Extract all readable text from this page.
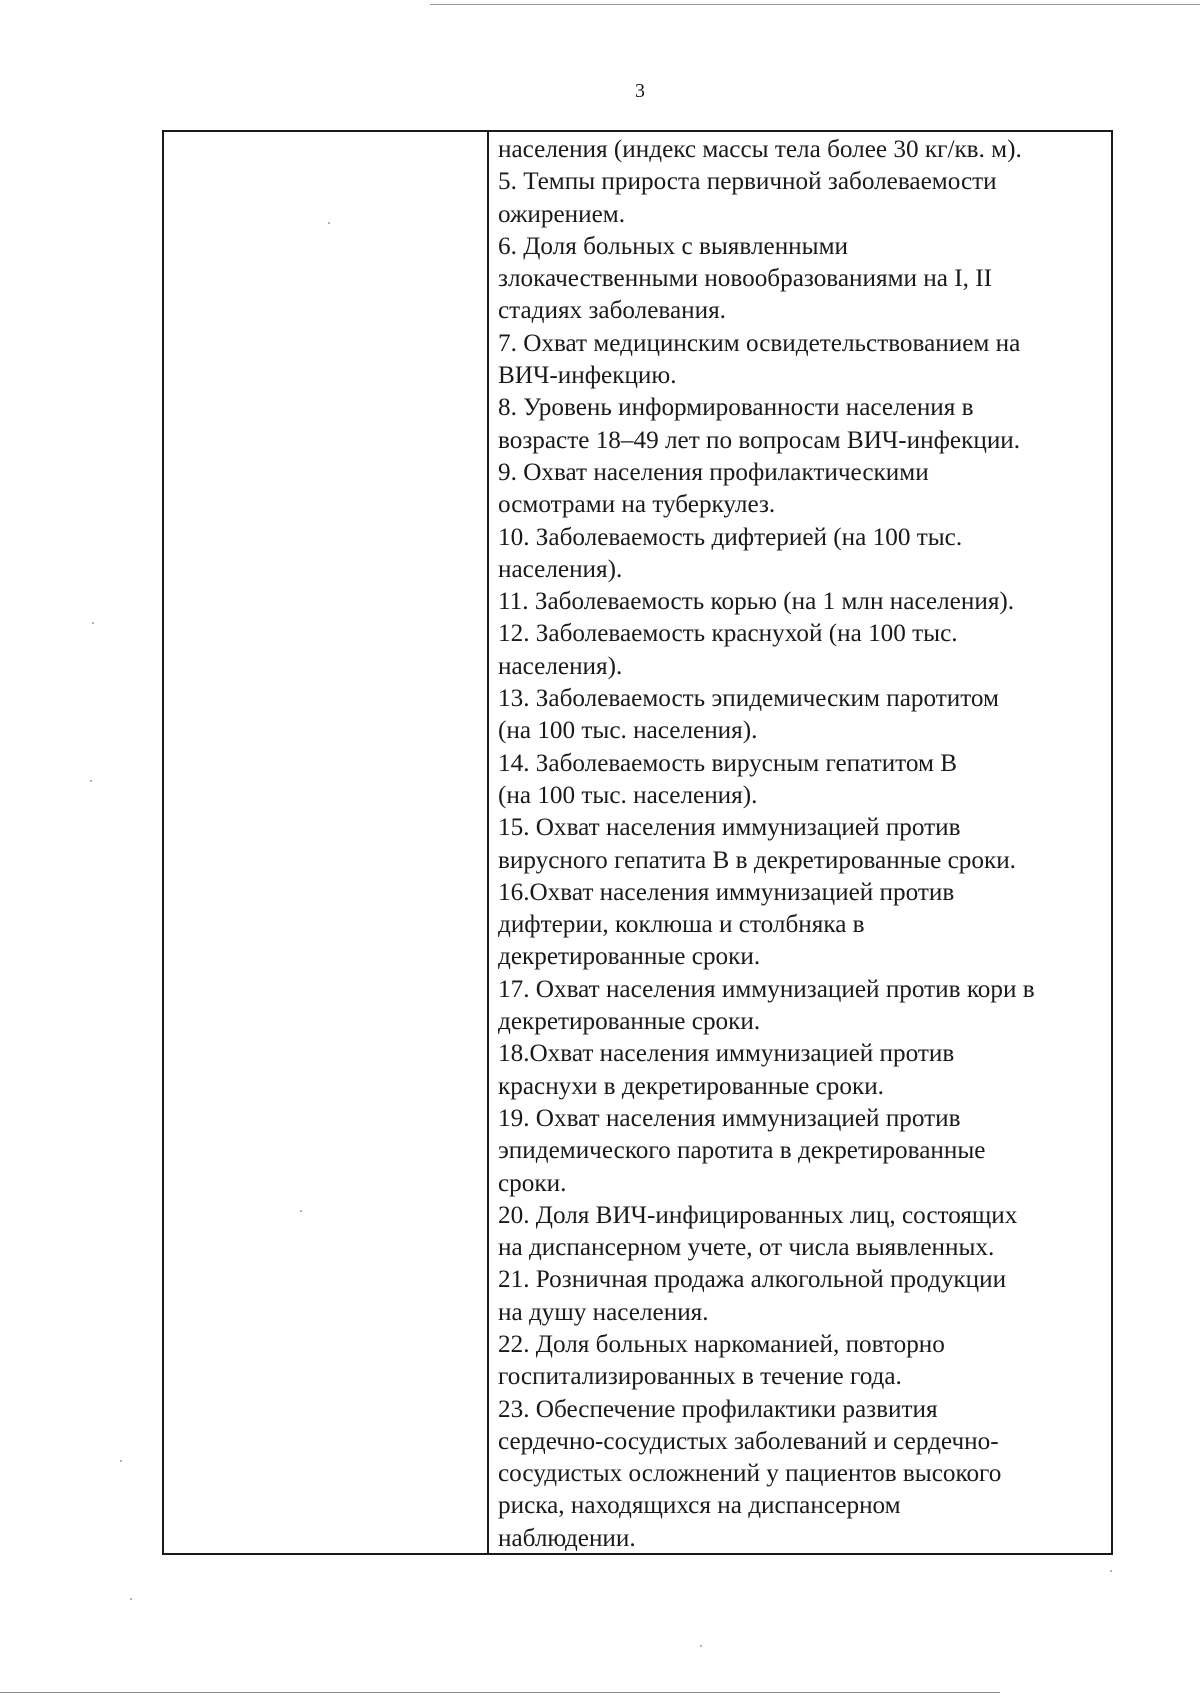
3
населения (индекс массы тела более 30 кг/кв. м).
5. Темпы прироста первичной заболеваемости
ожирением.
6. Доля больных с выявленными
злокачественными новообразованиями на I, II
стадиях заболевания.
7. Охват медицинским освидетельствованием на
ВИЧ-инфекцию.
8. Уровень информированности населения в
возрасте 18–49 лет по вопросам ВИЧ-инфекции.
9. Охват населения профилактическими
осмотрами на туберкулез.
10. Заболеваемость дифтерией (на 100 тыс.
населения).
11. Заболеваемость корью (на 1 млн населения).
12. Заболеваемость краснухой (на 100 тыс.
населения).
13. Заболеваемость эпидемическим паротитом
(на 100 тыс. населения).
14. Заболеваемость вирусным гепатитом В
(на 100 тыс. населения).
15. Охват населения иммунизацией против
вирусного гепатита В в декретированные сроки.
16.Охват населения иммунизацией против
дифтерии, коклюша и столбняка в
декретированные сроки.
17. Охват населения иммунизацией против кори в
декретированные сроки.
18.Охват населения иммунизацией против
краснухи в декретированные сроки.
19. Охват населения иммунизацией против
эпидемического паротита в декретированные
сроки.
20. Доля ВИЧ-инфицированных лиц, состоящих
на диспансерном учете, от числа выявленных.
21. Розничная продажа алкогольной продукции
на душу населения.
22. Доля больных наркоманией, повторно
госпитализированных в течение года.
23. Обеспечение профилактики развития
сердечно-сосудистых заболеваний и сердечно-
сосудистых осложнений у пациентов высокого
риска, находящихся на диспансерном
наблюдении.
